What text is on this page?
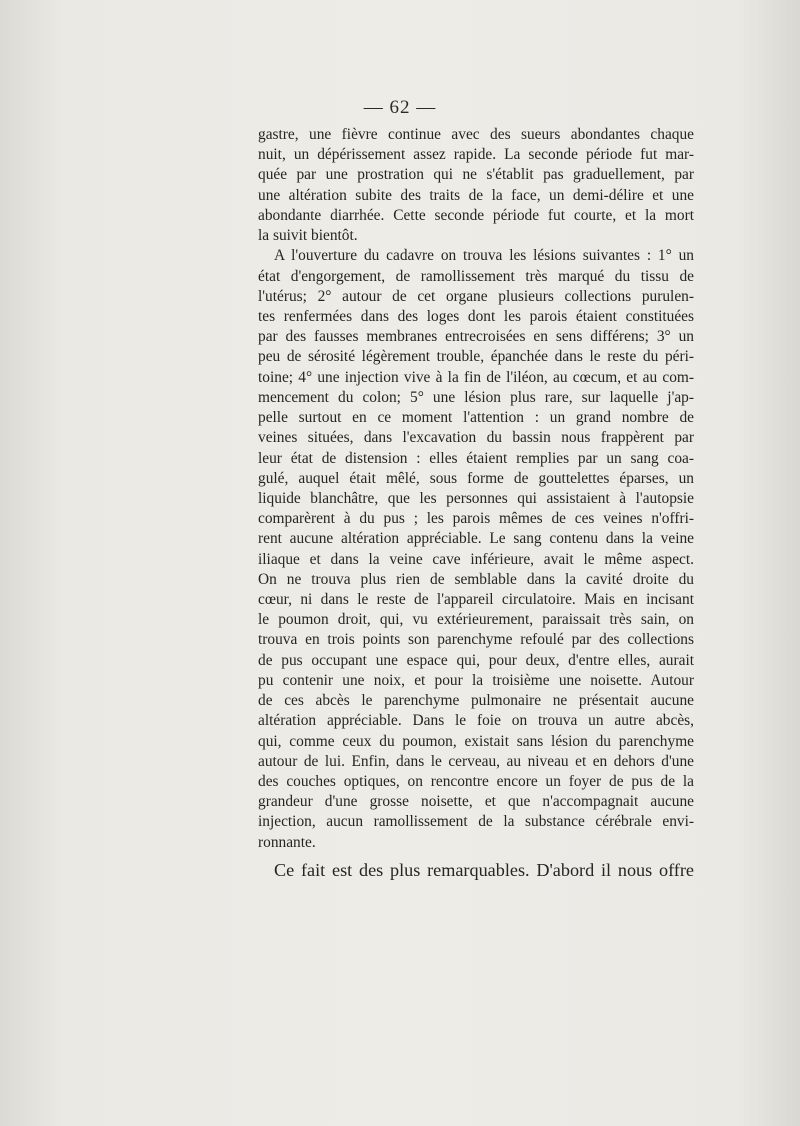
— 62 —
gastre, une fièvre continue avec des sueurs abondantes chaque
nuit, un dépérissement assez rapide. La seconde période fut mar-
quée par une prostration qui ne s'établit pas graduellement, par
une altération subite des traits de la face, un demi-délire et une
abondante diarrhée. Cette seconde période fut courte, et la mort
la suivit bientôt.
A l'ouverture du cadavre on trouva les lésions suivantes : 1° un
état d'engorgement, de ramollissement très marqué du tissu de
l'utérus; 2° autour de cet organe plusieurs collections purulen-
tes renfermées dans des loges dont les parois étaient constituées
par des fausses membranes entrecroisées en sens différens; 3° un
peu de sérosité légèrement trouble, épanchée dans le reste du péri-
toine; 4° une injection vive à la fin de l'iléon, au cœcum, et au com-
mencement du colon; 5° une lésion plus rare, sur laquelle j'ap-
pelle surtout en ce moment l'attention : un grand nombre de
veines situées, dans l'excavation du bassin nous frappèrent par
leur état de distension : elles étaient remplies par un sang coa-
gulé, auquel était mêlé, sous forme de gouttelettes éparses, un
liquide blanchâtre, que les personnes qui assistaient à l'autopsie
comparèrent à du pus ; les parois mêmes de ces veines n'offri-
rent aucune altération appréciable. Le sang contenu dans la veine
iliaque et dans la veine cave inférieure, avait le même aspect.
On ne trouva plus rien de semblable dans la cavité droite du
cœur, ni dans le reste de l'appareil circulatoire. Mais en incisant
le poumon droit, qui, vu extérieurement, paraissait très sain, on
trouva en trois points son parenchyme refoulé par des collections
de pus occupant une espace qui, pour deux, d'entre elles, aurait
pu contenir une noix, et pour la troisième une noisette. Autour
de ces abcès le parenchyme pulmonaire ne présentait aucune
altération appréciable. Dans le foie on trouva un autre abcès,
qui, comme ceux du poumon, existait sans lésion du parenchyme
autour de lui. Enfin, dans le cerveau, au niveau et en dehors d'une
des couches optiques, on rencontre encore un foyer de pus de la
grandeur d'une grosse noisette, et que n'accompagnait aucune
injection, aucun ramollissement de la substance cérébrale envi-
ronnante.
Ce fait est des plus remarquables. D'abord il nous offre
